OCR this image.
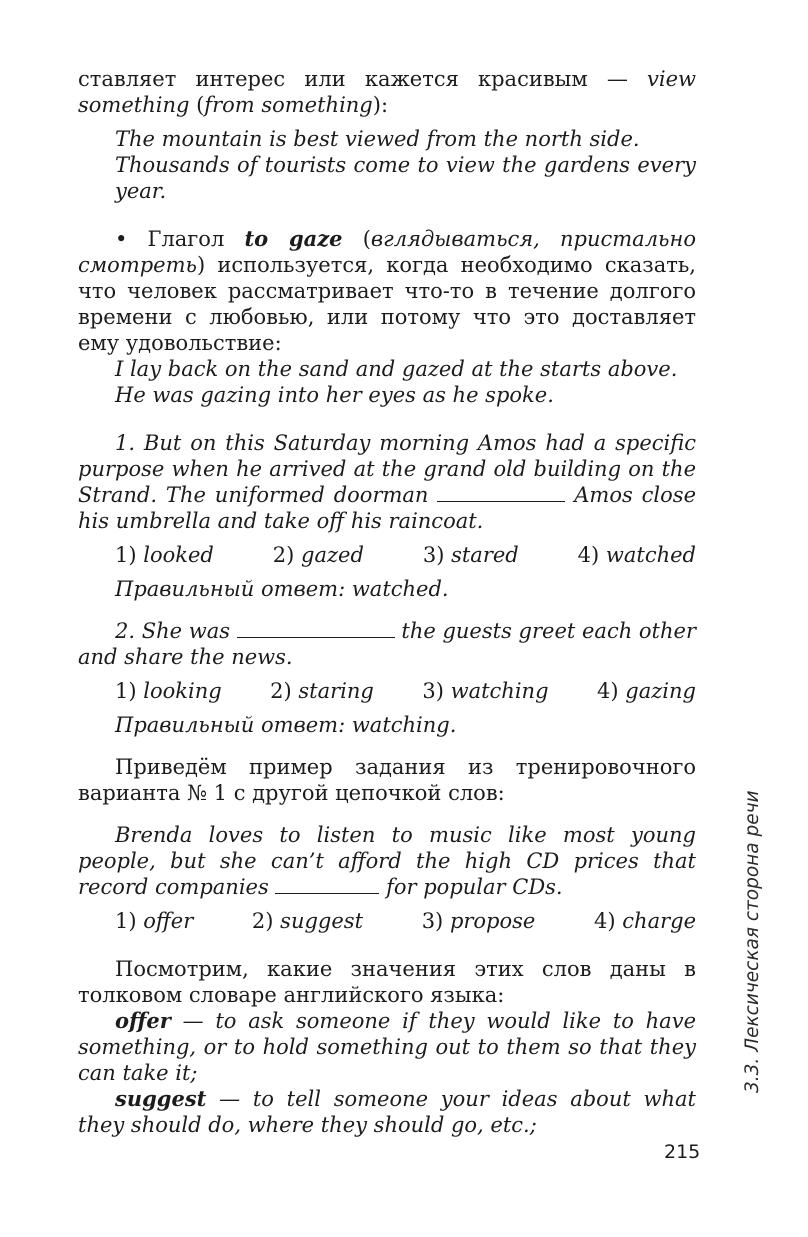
ставляет интерес или кажется красивым — view
something (from something):
The mountain is best viewed from the north side.
Thousands of tourists come to view the gardens every year.
• Глагол to gaze (вглядываться, пристально смотреть) используется, когда необходимо сказать, что человек рассматривает что-то в течение долгого времени с любовью, или потому что это доставляет ему удовольствие:
I lay back on the sand and gazed at the starts above.
He was gazing into her eyes as he spoke.
1. But on this Saturday morning Amos had a specific purpose when he arrived at the grand old building on the Strand. The uniformed doorman	Amos close his umbrella and take off his raincoat.
1) looked	2) gazed	3) stared	4) watched
Правильный ответ: watched.
2. She was	the guests greet each other and share the news.
1) looking 2) staring 3) watching 4) gazing
Правильный ответ: watching.
Приведём пример задания из тренировочного варианта № 1 с другой цепочкой слов:
Brenda loves to listen to music like most young people, but she can’t afford the high CD prices that record companies	for popular CDs.
1) offer	2) suggest	3) propose	4) charge
Посмотрим, какие значения этих слов даны в толковом словаре английского языка:
offer — to ask someone if they would like to have something, or to hold something out to them so that they can take it;
suggest — to tell someone your ideas about what they should do, where they should go, etc.;
3.3. Лексическая сторона речи
215
